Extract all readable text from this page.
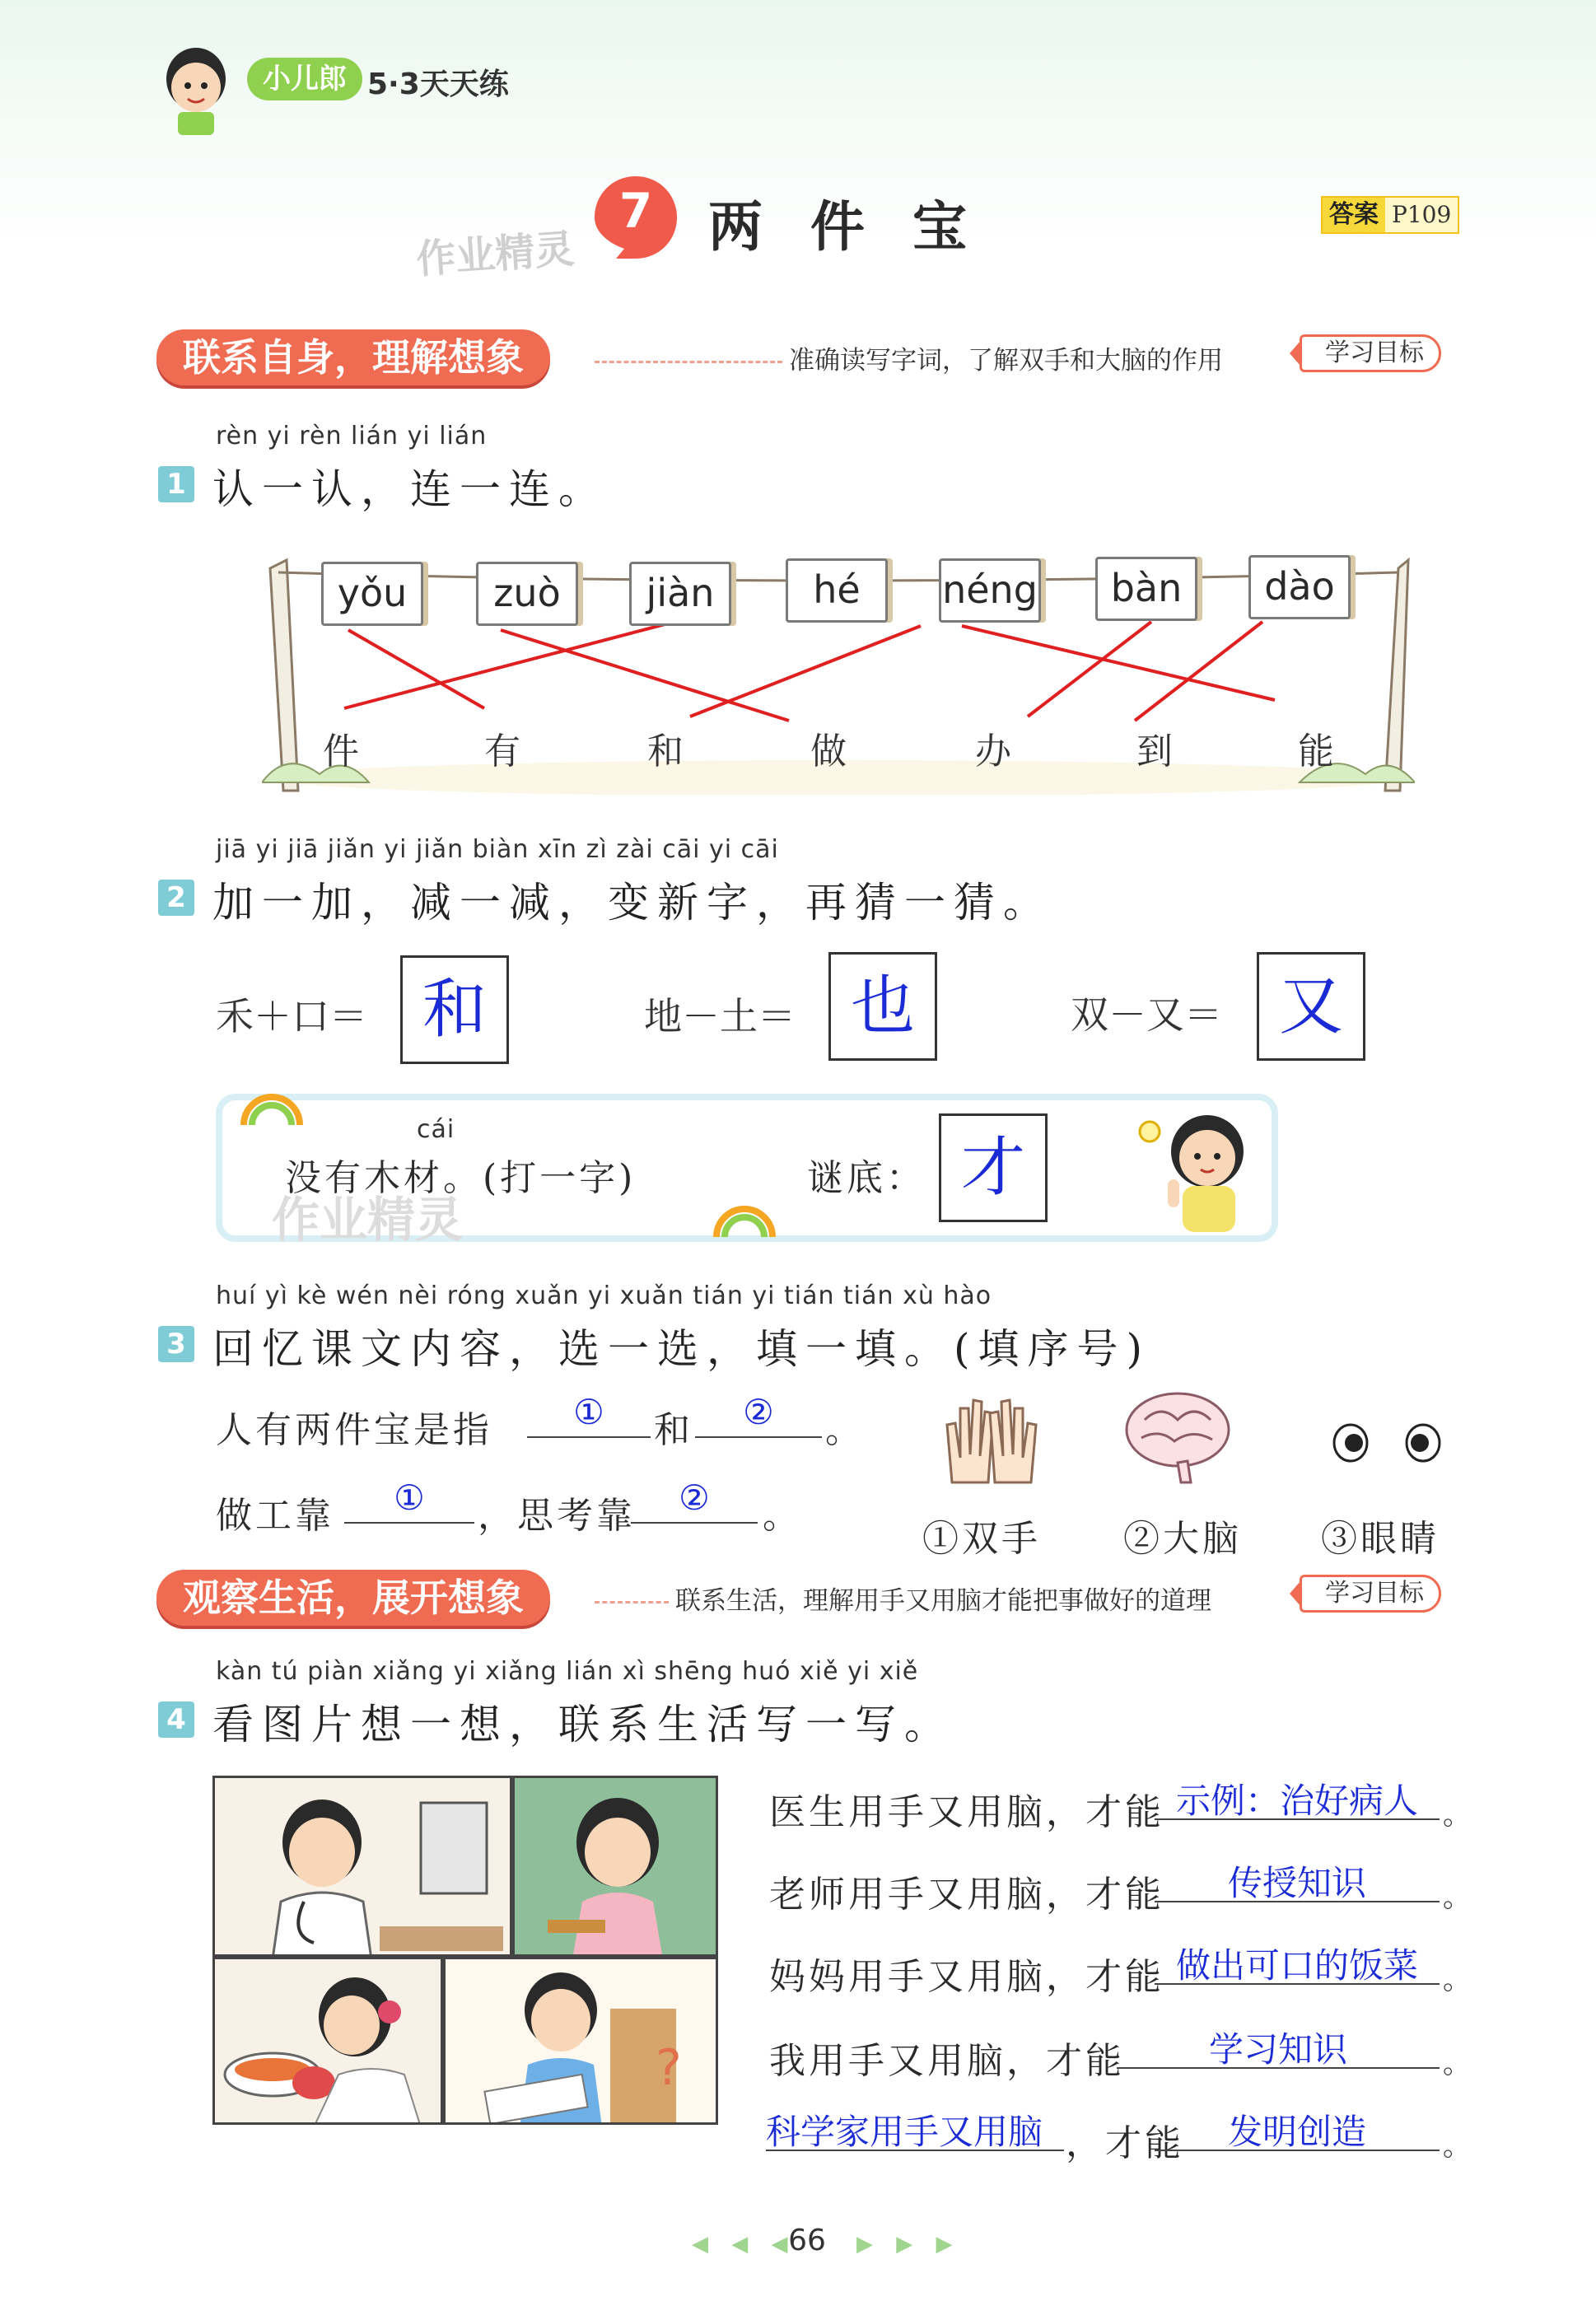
小儿郎 5·3天天练
作业精灵
7	两件宝	答案 P109
联系自身，理解想象	准确读写字词，了解双手和大脑的作用	学习目标
rèn yi rèn lián yi lián
1 认一认，连一连。
yǒu	zuò	jiàn	hé	néng	bàn	dào
件	有	和	做	办	到	能
jiā yi jiā jiǎn yi jiǎn biàn xīn zì zài cāi yi cāi
2 加一加，减一减，变新字，再猜一猜。
禾＋口＝ 和	地－土＝ 也	双－又＝ 又
cái
没有木材。(打一字)
作业精灵
谜底： 才
huí yì kè wén nèi róng xuǎn yi xuǎn tián yi tián tián xù hào
3 回忆课文内容，选一选，填一填。(填序号)
人有两件宝是指	①	和	②	。
做工靠	①	，思考靠	②	。
①双手 ②大脑 ③眼睛
观察生活，展开想象	联系生活，理解用手又用脑才能把事做好的道理	学习目标
kàn tú piàn xiǎng yi xiǎng lián xì shēng huó xiě yi xiě
4 看图片想一想，联系生活写一写。
?
医生用手又用脑，才能 示例：治好病人 。
老师用手又用脑，才能	传授知识	。
妈妈用手又用脑，才能 做出可口的饭菜 。
我用手又用脑，才能	学习知识	。
科学家用手又用脑 ，才能	发明创造	。
◀ ◀ ◀
66	▶ ▶ ▶
